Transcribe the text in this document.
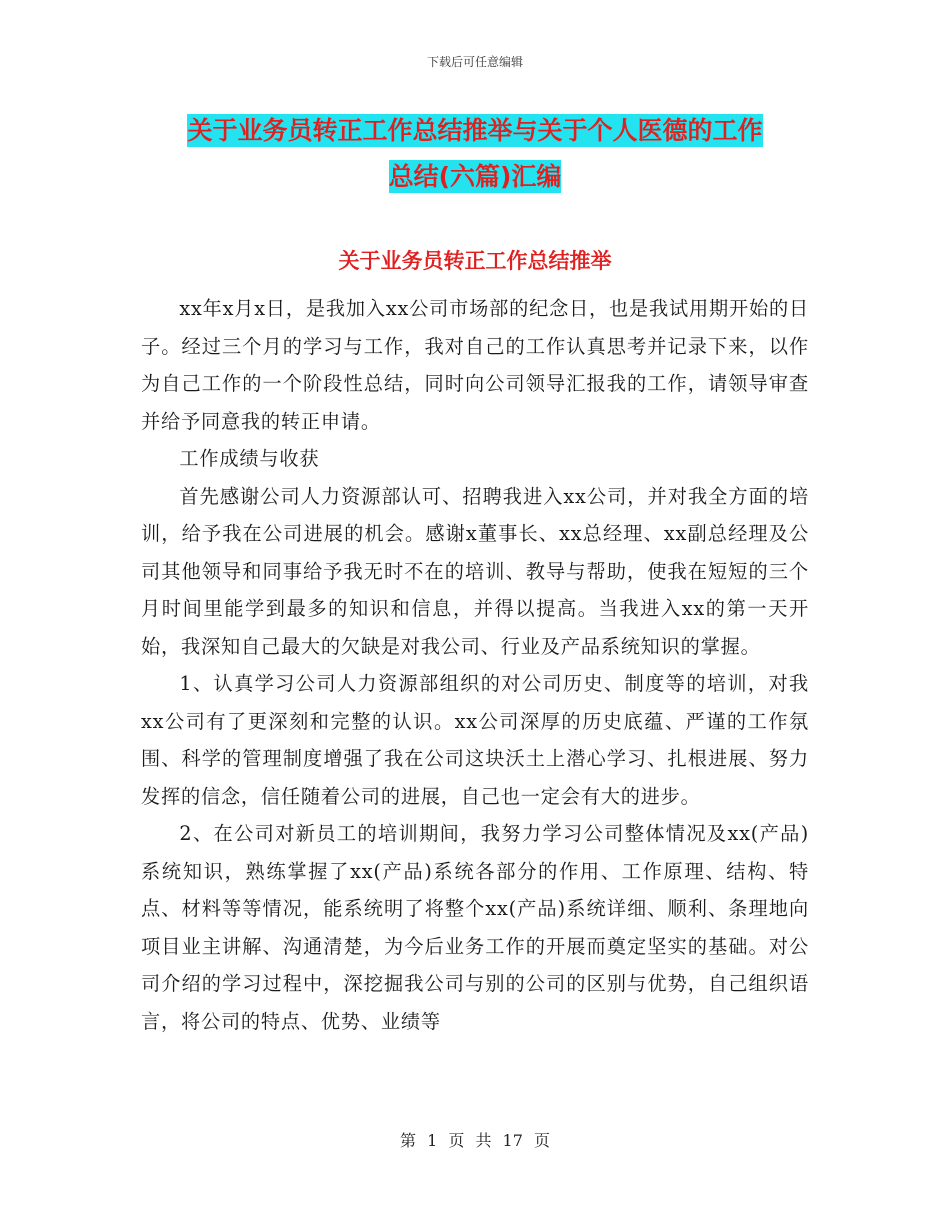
下载后可任意编辑
关于业务员转正工作总结推举与关于个人医德的工作
总结(六篇)汇编
关于业务员转正工作总结推举

xx年x月x日，是我加入xx公司市场部的纪念日，也是我试用期开始的日子。经过三个月的学习与工作，我对自己的工作认真思考并记录下来，以作为自己工作的一个阶段性总结，同时向公司领导汇报我的工作，请领导审查并给予同意我的转正申请。

工作成绩与收获

首先感谢公司人力资源部认可、招聘我进入xx公司，并对我全方面的培训，给予我在公司进展的机会。感谢x董事长、xx总经理、xx副总经理及公司其他领导和同事给予我无时不在的培训、教导与帮助，使我在短短的三个月时间里能学到最多的知识和信息，并得以提高。当我进入xx的第一天开始，我深知自己最大的欠缺是对我公司、行业及产品系统知识的掌握。

1、认真学习公司人力资源部组织的对公司历史、制度等的培训，对我xx公司有了更深刻和完整的认识。xx公司深厚的历史底蕴、严谨的工作氛围、科学的管理制度增强了我在公司这块沃土上潜心学习、扎根进展、努力发挥的信念，信任随着公司的进展，自己也一定会有大的进步。

2、在公司对新员工的培训期间，我努力学习公司整体情况及xx(产品)系统知识，熟练掌握了xx(产品)系统各部分的作用、工作原理、结构、特点、材料等等情况，能系统明了将整个xx(产品)系统详细、顺利、条理地向项目业主讲解、沟通清楚，为今后业务工作的开展而奠定坚实的基础。对公司介绍的学习过程中，深挖掘我公司与别的公司的区别与优势，自己组织语言，将公司的特点、优势、业绩等

第 1 页 共 17 页
